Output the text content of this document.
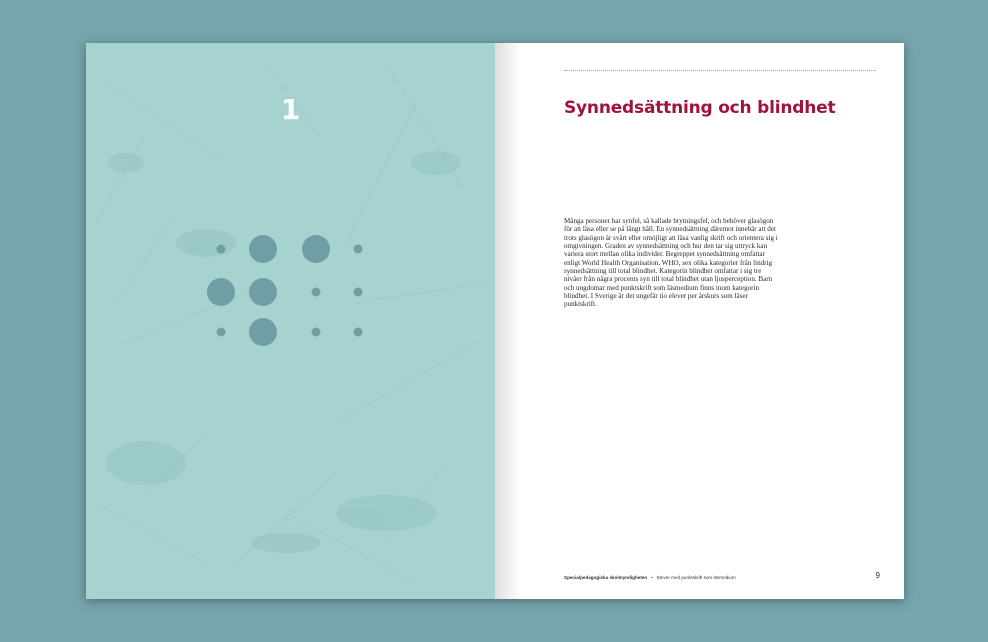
1	Synnedsättning och blindhet

Många personer har synfel, så kallade brytningsfel, och behöver glasögon för att läsa eller se på långt håll. En synnedsättning däremot innebär att det trots glasögon är svårt eller omöjligt att läsa vanlig skrift och orientera sig i omgivningen. Graden av synnedsättning och hur den tar sig uttryck kan variera stort mellan olika individer. Begreppet synnedsättning omfattar enligt World Health Organisation, WHO, sex olika kategorier från lindrig synnedsättning till total blindhet. Kategorin blindhet omfattar i sig tre nivåer från några procents syn till total blindhet utan ljusperception. Barn och ungdomar med punktskrift som läsmedium finns inom kategorin blindhet. I Sverige är det ungefär tio elever per årskurs som läser punktskrift.

Specialpedagogiska skolmyndigheten • Elever med punktskrift som läsmedium	9
